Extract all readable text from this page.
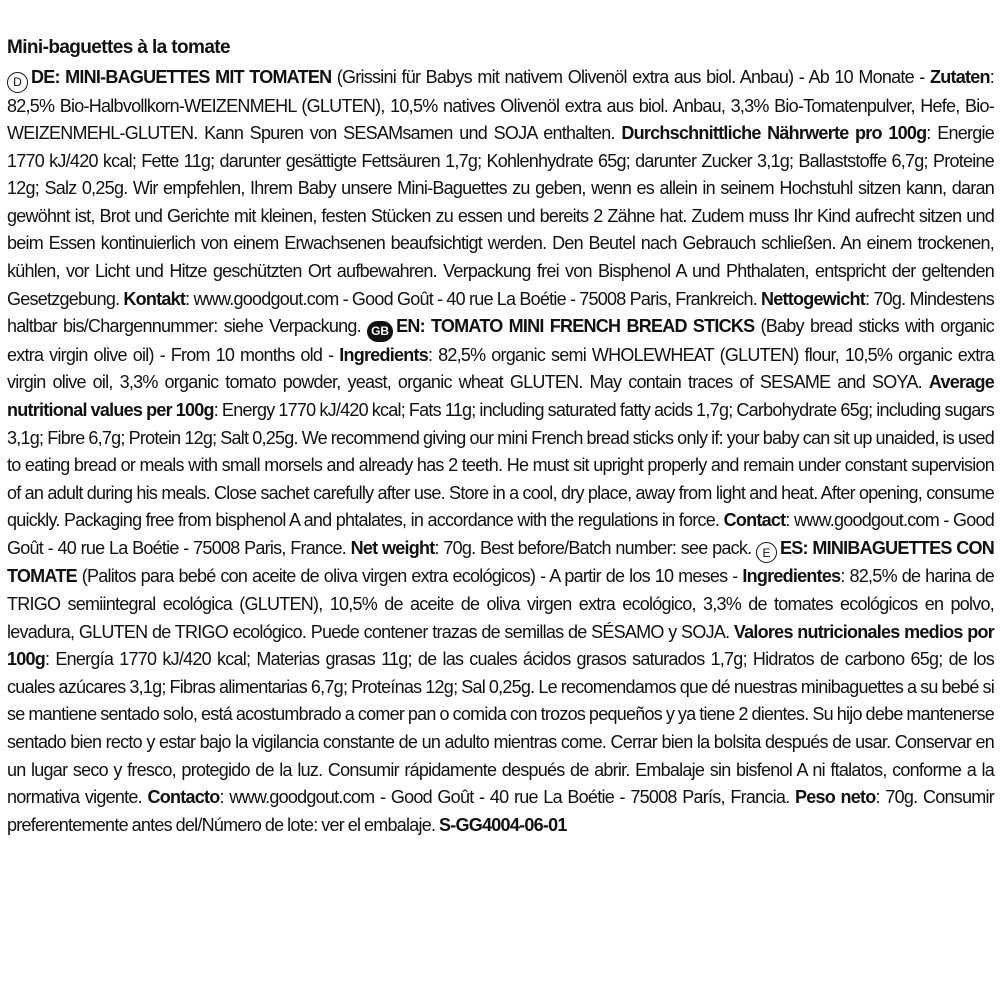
Mini-baguettes à la tomate

D DE: MINI-BAGUETTES MIT TOMATEN (Grissini für Babys mit nativem Olivenöl extra aus biol. Anbau) - Ab 10 Monate - Zutaten: 82,5% Bio-Halbvollkorn-WEIZENMEHL (GLUTEN), 10,5% natives Olivenöl extra aus biol. Anbau, 3,3% Bio-Tomatenpulver, Hefe, Bio-WEIZENMEHL-GLUTEN. Kann Spuren von SESAMsamen und SOJA enthalten. Durchschnittliche Nährwerte pro 100g: Energie 1770 kJ/420 kcal; Fette 11g; darunter gesättigte Fettsäuren 1,7g; Kohlenhydrate 65g; darunter Zucker 3,1g; Ballaststoffe 6,7g; Proteine 12g; Salz 0,25g. Wir empfehlen, Ihrem Baby unsere Mini-Baguettes zu geben, wenn es allein in seinem Hochstuhl sitzen kann, daran gewöhnt ist, Brot und Gerichte mit kleinen, festen Stücken zu essen und bereits 2 Zähne hat. Zudem muss Ihr Kind aufrecht sitzen und beim Essen kontinuierlich von einem Erwachsenen beaufsichtigt werden. Den Beutel nach Gebrauch schließen. An einem trockenen, kühlen, vor Licht und Hitze geschützten Ort aufbewahren. Verpackung frei von Bisphenol A und Phthalaten, entspricht der geltenden Gesetzgebung. Kontakt: www.goodgout.com - Good Goût - 40 rue La Boétie - 75008 Paris, Frankreich. Nettogewicht: 70g. Mindestens haltbar bis/Chargennummer: siehe Verpackung. GB EN: TOMATO MINI FRENCH BREAD STICKS (Baby bread sticks with organic extra virgin olive oil) - From 10 months old - Ingredients: 82,5% organic semi WHOLEWHEAT (GLUTEN) flour, 10,5% organic extra virgin olive oil, 3,3% organic tomato powder, yeast, organic wheat GLUTEN. May contain traces of SESAME and SOYA. Average nutritional values per 100g: Energy 1770 kJ/420 kcal; Fats 11g; including saturated fatty acids 1,7g; Carbohydrate 65g; including sugars 3,1g; Fibre 6,7g; Protein 12g; Salt 0,25g. We recommend giving our mini French bread sticks only if: your baby can sit up unaided, is used to eating bread or meals with small morsels and already has 2 teeth. He must sit upright properly and remain under constant supervision of an adult during his meals. Close sachet carefully after use. Store in a cool, dry place, away from light and heat. After opening, consume quickly. Packaging free from bisphenol A and phtalates, in accordance with the regulations in force. Contact: www.goodgout.com - Good Goût - 40 rue La Boétie - 75008 Paris, France. Net weight: 70g. Best before/Batch number: see pack. E ES: MINIBAGUETTES CON TOMATE (Palitos para bebé con aceite de oliva virgen extra ecológicos) - A partir de los 10 meses - Ingredientes: 82,5% de harina de TRIGO semiintegral ecológica (GLUTEN), 10,5% de aceite de oliva virgen extra ecológico, 3,3% de tomates ecológicos en polvo, levadura, GLUTEN de TRIGO ecológico. Puede contener trazas de semillas de SÉSAMO y SOJA. Valores nutricionales medios por 100g: Energía 1770 kJ/420 kcal; Materias grasas 11g; de las cuales ácidos grasos saturados 1,7g; Hidratos de carbono 65g; de los cuales azúcares 3,1g; Fibras alimentarias 6,7g; Proteínas 12g; Sal 0,25g. Le recomendamos que dé nuestras minibaguettes a su bebé si se mantiene sentado solo, está acostumbrado a comer pan o comida con trozos pequeños y ya tiene 2 dientes. Su hijo debe mantenerse sentado bien recto y estar bajo la vigilancia constante de un adulto mientras come. Cerrar bien la bolsita después de usar. Conservar en un lugar seco y fresco, protegido de la luz. Consumir rápidamente después de abrir. Embalaje sin bisfenol A ni ftalatos, conforme a la normativa vigente. Contacto: www.goodgout.com - Good Goût - 40 rue La Boétie - 75008 París, Francia. Peso neto: 70g. Consumir preferentemente antes del/Número de lote: ver el embalaje. S-GG4004-06-01
